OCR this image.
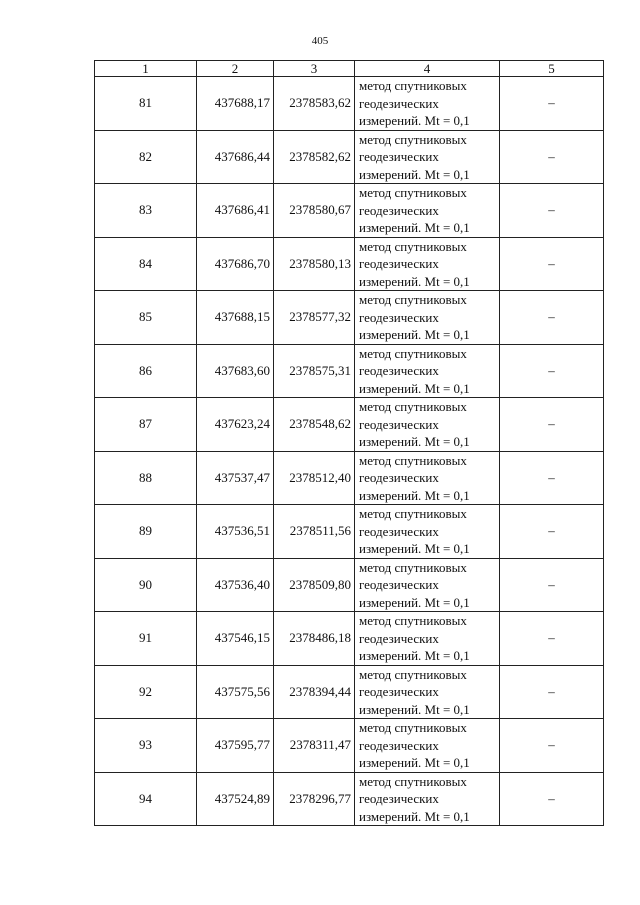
405
1	2	3	4	5
81	437688,17	2378583,62	метод спутниковых
геодезических
измерений. Mt = 0,1	–
82	437686,44	2378582,62	метод спутниковых
геодезических
измерений. Mt = 0,1	–
83	437686,41	2378580,67	метод спутниковых
геодезических
измерений. Mt = 0,1	–
84	437686,70	2378580,13	метод спутниковых
геодезических
измерений. Mt = 0,1	–
85	437688,15	2378577,32	метод спутниковых
геодезических
измерений. Mt = 0,1	–
86	437683,60	2378575,31	метод спутниковых
геодезических
измерений. Mt = 0,1	–
87	437623,24	2378548,62	метод спутниковых
геодезических
измерений. Mt = 0,1	–
88	437537,47	2378512,40	метод спутниковых
геодезических
измерений. Mt = 0,1	–
89	437536,51	2378511,56	метод спутниковых
геодезических
измерений. Mt = 0,1	–
90	437536,40	2378509,80	метод спутниковых
геодезических
измерений. Mt = 0,1	–
91	437546,15	2378486,18	метод спутниковых
геодезических
измерений. Mt = 0,1	–
92	437575,56	2378394,44	метод спутниковых
геодезических
измерений. Mt = 0,1	–
93	437595,77	2378311,47	метод спутниковых
геодезических
измерений. Mt = 0,1	–
94	437524,89	2378296,77	метод спутниковых
геодезических
измерений. Mt = 0,1	–
